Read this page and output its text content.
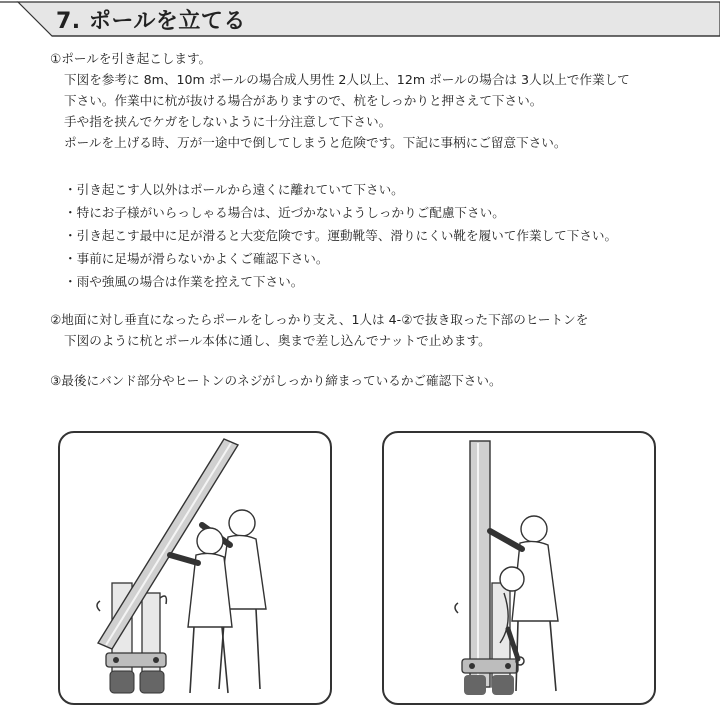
7. ポールを立てる
①ポールを引き起こします。
下図を参考に 8m、10m ポールの場合成人男性 2人以上、12m ポールの場合は 3人以上で作業して
下さい。作業中に杭が抜ける場合がありますので、杭をしっかりと押さえて下さい。
手や指を挟んでケガをしないように十分注意して下さい。
ポールを上げる時、万が一途中で倒してしまうと危険です。下記に事柄にご留意下さい。
・引き起こす人以外はポールから遠くに離れていて下さい。
・特にお子様がいらっしゃる場合は、近づかないようしっかりご配慮下さい。
・引き起こす最中に足が滑ると大変危険です。運動靴等、滑りにくい靴を履いて作業して下さい。
・事前に足場が滑らないかよくご確認下さい。
・雨や強風の場合は作業を控えて下さい。
②地面に対し垂直になったらポールをしっかり支え、1人は 4-②で抜き取った下部のヒートンを
下図のように杭とポール本体に通し、奥まで差し込んでナットで止めます。
③最後にバンド部分やヒートンのネジがしっかり締まっているかご確認下さい。
